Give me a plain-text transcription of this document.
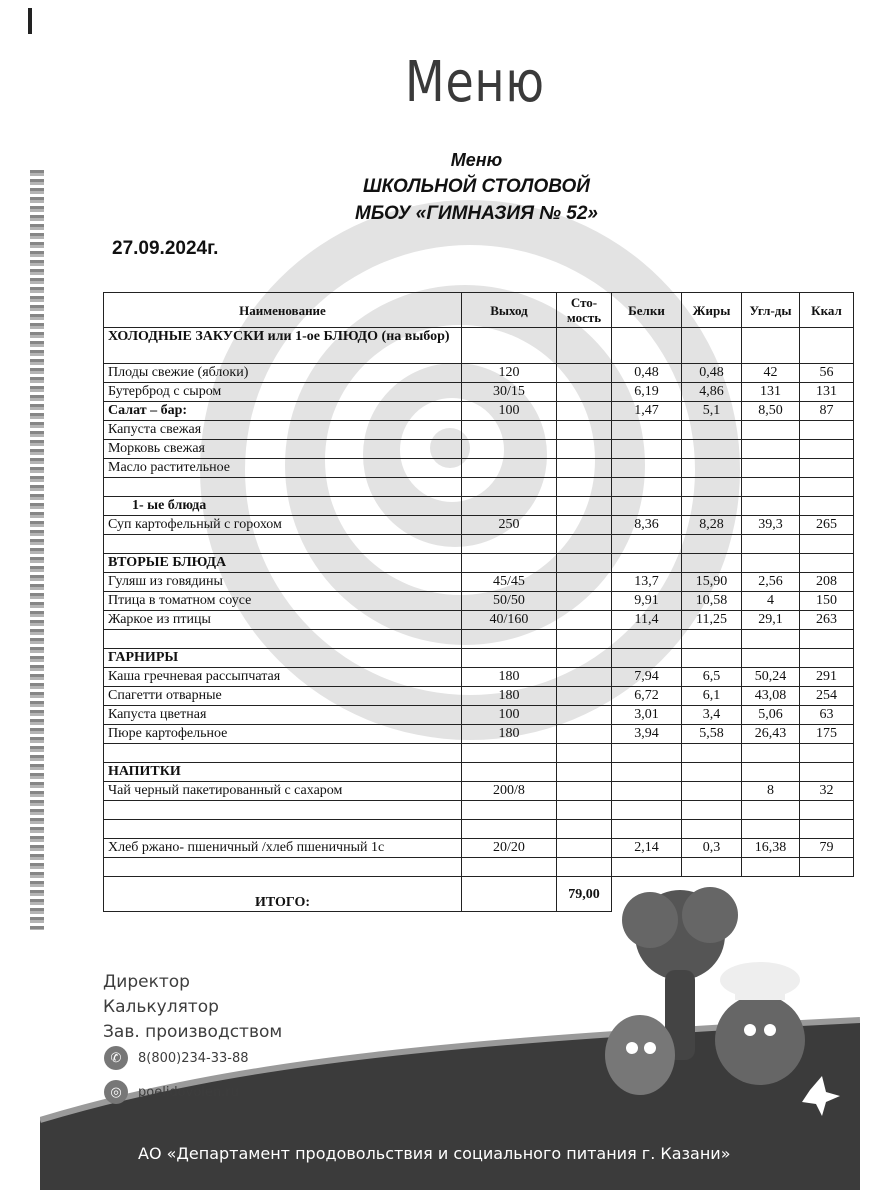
Меню
Меню
ШКОЛЬНОЙ СТОЛОВОЙ
МБОУ «ГИМНАЗИЯ № 52»
27.09.2024г.
Наименование	Выход	Сто-мость	Белки	Жиры	Угл-ды	Ккал
ХОЛОДНЫЕ ЗАКУСКИ или 1-ое БЛЮДО (на выбор)						
Плоды свежие (яблоки)	120		0,48	0,48	42	56
Бутерброд с сыром	30/15		6,19	4,86	131	131
Салат – бар:	100		1,47	5,1	8,50	87
Капуста свежая						
Морковь свежая						
Масло растительное						

1- ые блюда						
Суп картофельный с горохом	250		8,36	8,28	39,3	265

ВТОРЫЕ БЛЮДА						
Гуляш из говядины	45/45		13,7	15,90	2,56	208
Птица в томатном соусе	50/50		9,91	10,58	4	150
Жаркое из птицы	40/160		11,4	11,25	29,1	263

ГАРНИРЫ						
Каша гречневая рассыпчатая	180		7,94	6,5	50,24	291
Спагетти отварные	180		6,72	6,1	43,08	254
Капуста цветная	100		3,01	3,4	5,06	63
Пюре картофельное	180		3,94	5,58	26,43	175

НАПИТКИ						
Чай черный пакетированный с сахаром	200/8				8	32

Хлеб ржано- пшеничный /хлеб пшеничный 1с	20/20		2,14	0,3	16,38	79

ИТОГО:		79,00				
Директор
Калькулятор
Зав. производством
✆	8(800)234-33-88
◎	poelidovolen.ru
АО «Департамент продовольствия и социального питания г. Казани»
